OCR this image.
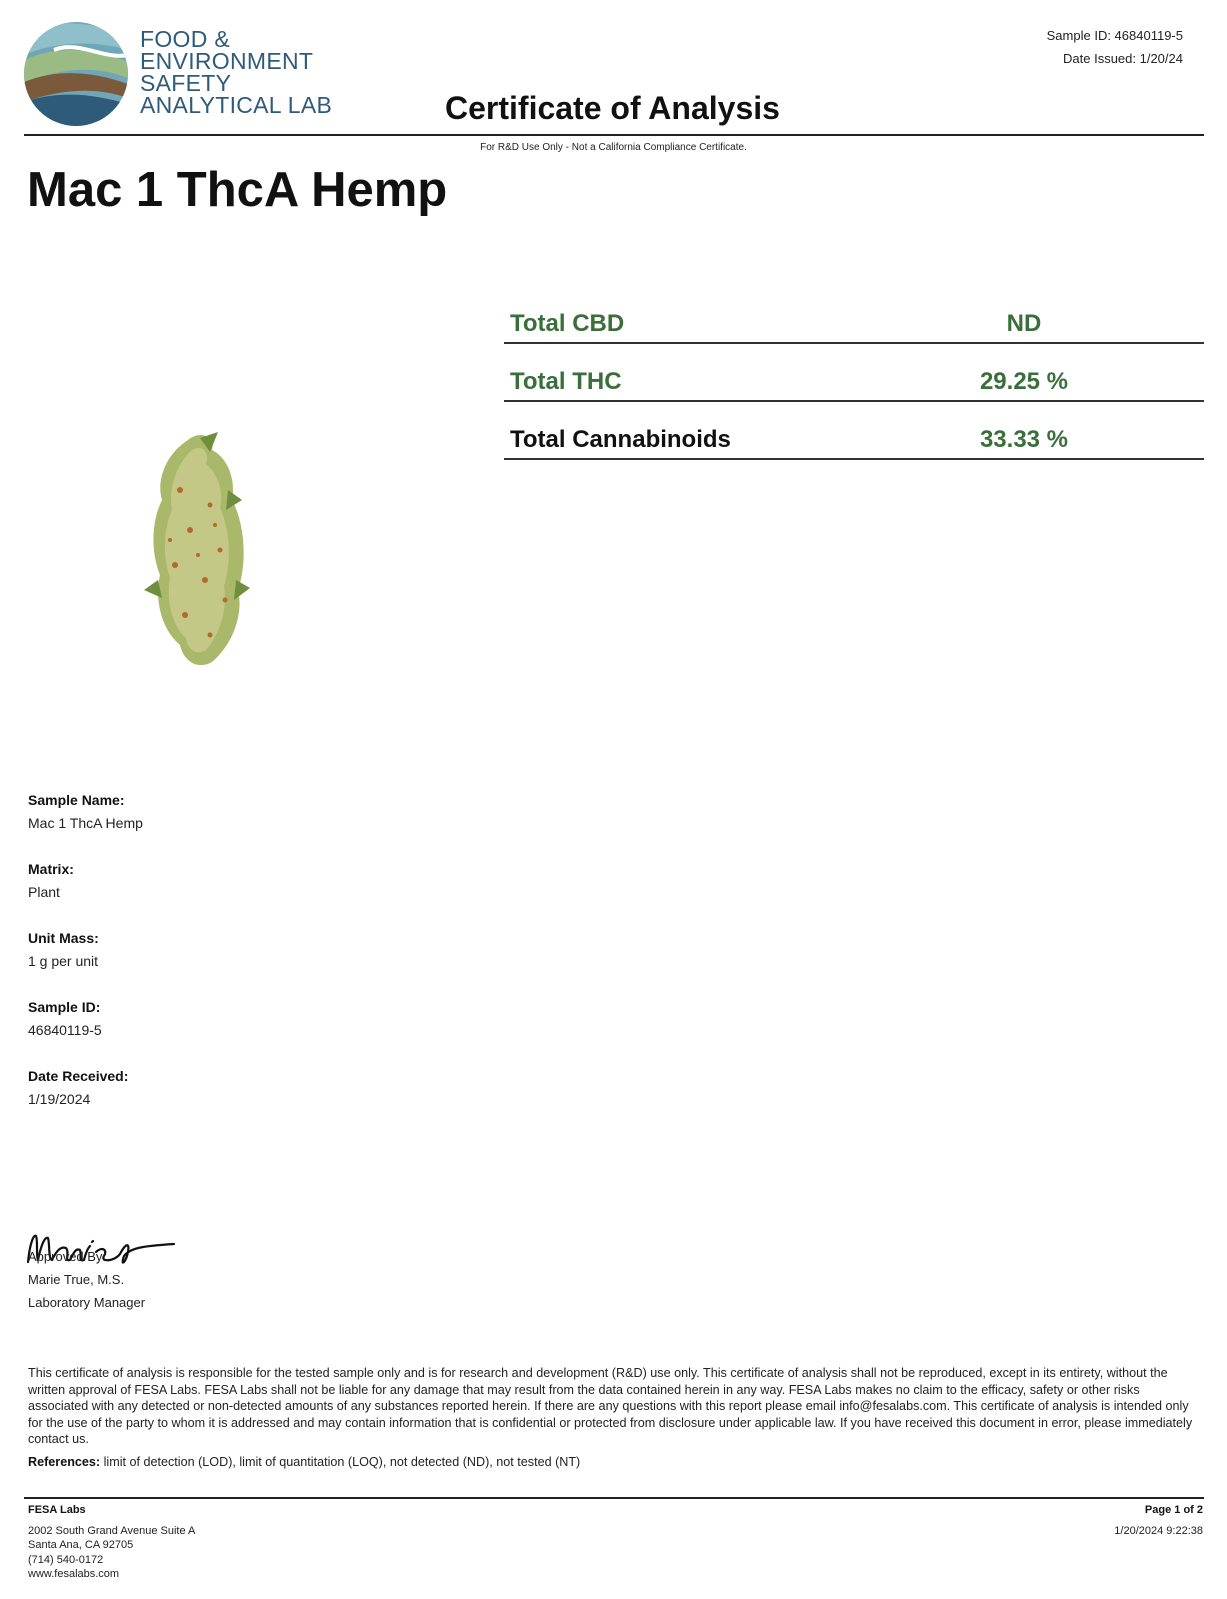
FOOD &
ENVIRONMENT
SAFETY
ANALYTICAL LAB
Sample ID: 46840119-5
Date Issued: 1/20/24
Certificate of Analysis
For R&D Use Only - Not a California Compliance Certificate.
Mac 1 ThcA Hemp
Total CBD	ND
Total THC	29.25 %
Total Cannabinoids	33.33 %
Sample Name:
Mac 1 ThcA Hemp
Matrix:
Plant
Unit Mass:
1 g per unit
Sample ID:
46840119-5
Date Received:
1/19/2024
Approved By:
Marie True, M.S.
Laboratory Manager
This certificate of analysis is responsible for the tested sample only and is for research and development (R&D) use only. This certificate of analysis shall not be reproduced, except in its entirety, without the written approval of FESA Labs. FESA Labs shall not be liable for any damage that may result from the data contained herein in any way. FESA Labs makes no claim to the efficacy, safety or other risks associated with any detected or non-detected amounts of any substances reported herein. If there are any questions with this report please email info@fesalabs.com. This certificate of analysis is intended only for the use of the party to whom it is addressed and may contain information that is confidential or protected from disclosure under applicable law. If you have received this document in error, please immediately contact us.
References: limit of detection (LOD), limit of quantitation (LOQ), not detected (ND), not tested (NT)
FESA Labs
2002 South Grand Avenue Suite A
Santa Ana, CA 92705
(714) 540-0172
www.fesalabs.com
Page 1 of 2
1/20/2024 9:22:38
